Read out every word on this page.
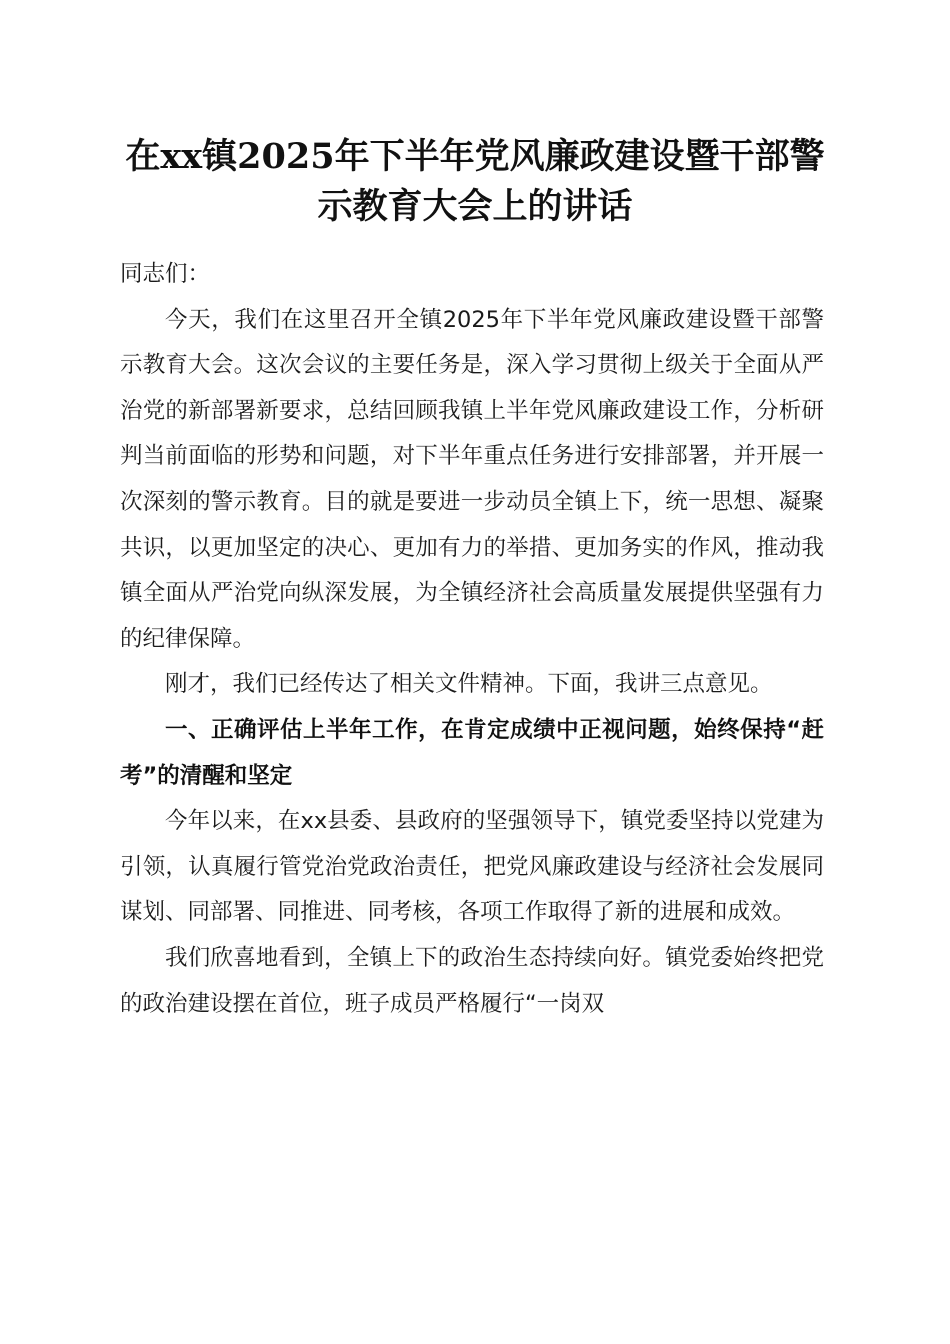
在xx镇2025年下半年党风廉政建设暨干部警示教育大会上的讲话

同志们：

今天，我们在这里召开全镇2025年下半年党风廉政建设暨干部警示教育大会。这次会议的主要任务是，深入学习贯彻上级关于全面从严治党的新部署新要求，总结回顾我镇上半年党风廉政建设工作，分析研判当前面临的形势和问题，对下半年重点任务进行安排部署，并开展一次深刻的警示教育。目的就是要进一步动员全镇上下，统一思想、凝聚共识，以更加坚定的决心、更加有力的举措、更加务实的作风，推动我镇全面从严治党向纵深发展，为全镇经济社会高质量发展提供坚强有力的纪律保障。

刚才，我们已经传达了相关文件精神。下面，我讲三点意见。

一、正确评估上半年工作，在肯定成绩中正视问题，始终保持“赶考”的清醒和坚定

今年以来，在xx县委、县政府的坚强领导下，镇党委坚持以党建为引领，认真履行管党治党政治责任，把党风廉政建设与经济社会发展同谋划、同部署、同推进、同考核，各项工作取得了新的进展和成效。

我们欣喜地看到，全镇上下的政治生态持续向好。镇党委始终把党的政治建设摆在首位，班子成员严格履行“一岗双
